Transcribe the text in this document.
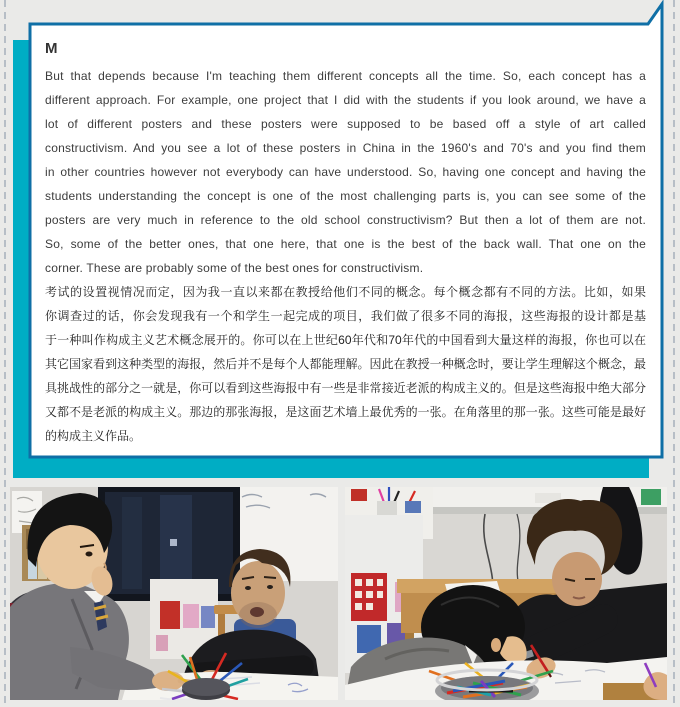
M
But that depends because I'm teaching them different concepts all the time. So, each concept has a
different approach. For example, one project that I did with the students if you look around, we have a
lot of different posters and these posters were supposed to be based off a style of art called
constructivism. And you see a lot of these posters in China in the 1960's and 70's and you find them
in other countries however not everybody can have understood. So, having one concept and having the
students understanding the concept is one of the most challenging parts is, you can see some of the
posters are very much in reference to the old school constructivism? But then a lot of them are not.
So, some of the better ones, that one here, that one is the best of the back wall. That one on the
corner. These are probably some of the best ones for constructivism.
考试的设置视情况而定，因为我一直以来都在教授给他们不同的概念。每个概念都有不同的方法。比如，如果
你调查过的话，你会发现我有一个和学生一起完成的项目，我们做了很多不同的海报，这些海报的设计都是基
于一种叫作构成主义艺术概念展开的。你可以在上世纪60年代和70年代的中国看到大量这样的海报，你也可以在
其它国家看到这种类型的海报，然后并不是每个人都能理解。因此在教授一种概念时，要让学生理解这个概念，最
具挑战性的部分之一就是，你可以看到这些海报中有一些是非常接近老派的构成主义的。但是这些海报中绝大部分
又都不是老派的构成主义。那边的那张海报，是这面艺术墙上最优秀的一张。在角落里的那一张。这些可能是最好
的构成主义作品。
